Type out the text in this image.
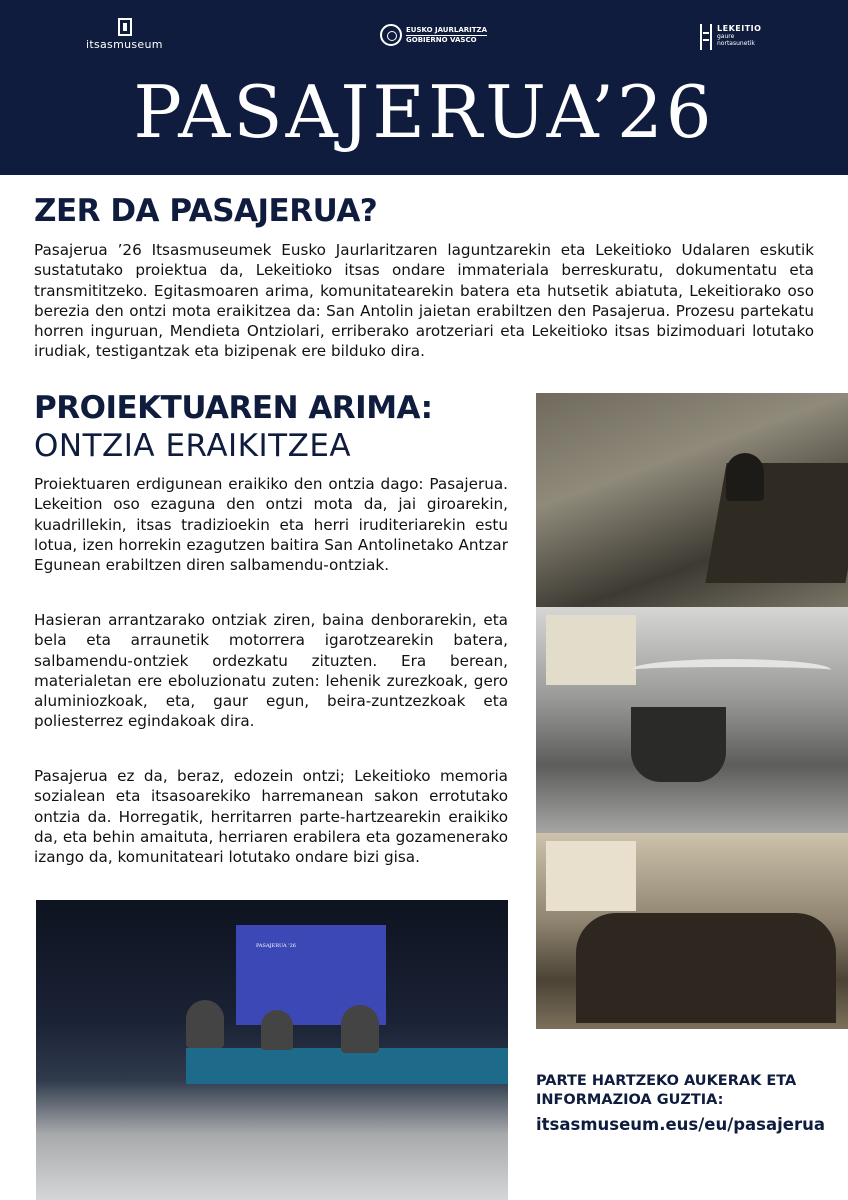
itsasmuseum
EUSKO JAURLARITZA
GOBIERNO VASCO
LEKEITIO
gaure
nortasunetik
PASAJERUA’26
ZER DA PASAJERUA?
Pasajerua ’26 Itsasmuseumek Eusko Jaurlaritzaren laguntzarekin eta Lekeitioko Udalaren eskutik sustatutako proiektua da, Lekeitioko itsas ondare immateriala berreskuratu, dokumentatu eta transmititzeko. Egitasmoaren arima, komunitatearekin batera eta hutsetik abiatuta, Lekeitiorako oso berezia den ontzi mota eraikitzea da: San Antolin jaietan erabiltzen den Pasajerua. Prozesu partekatu horren inguruan, Mendieta Ontziolari, erriberako arotzeriari eta Lekeitioko itsas bizimoduari lotutako irudiak, testigantzak eta bizipenak ere bilduko dira.
PROIEKTUAREN ARIMA:
ONTZIA ERAIKITZEA
Proiektuaren erdigunean eraikiko den ontzia dago: Pasajerua. Lekeition oso ezaguna den ontzi mota da, jai giroarekin, kuadrillekin, itsas tradizioekin eta herri iruditeriarekin estu lotua, izen horrekin ezagutzen baitira San Antolinetako Antzar Egunean erabiltzen diren salbamendu-ontziak.
Hasieran arrantzarako ontziak ziren, baina denborarekin, eta bela eta arraunetik motorrera igarotzearekin batera, salbamendu-ontziek ordezkatu zituzten. Era berean, materialetan ere eboluzionatu zuten: lehenik zurezkoak, gero aluminiozkoak, eta, gaur egun, beira-zuntzezkoak eta poliesterrez egindakoak dira.
Pasajerua ez da, beraz, edozein ontzi; Lekeitioko memoria sozialean eta itsasoarekiko harremanean sakon errotutako ontzia da. Horregatik, herritarren parte-hartzearekin eraikiko da, eta behin amaituta, herriaren erabilera eta gozamenerako izango da, komunitateari lotutako ondare bizi gisa.
PASAJERUA '26
PARTE HARTZEKO AUKERAK ETA INFORMAZIOA GUZTIA:
itsasmuseum.eus/eu/pasajerua
